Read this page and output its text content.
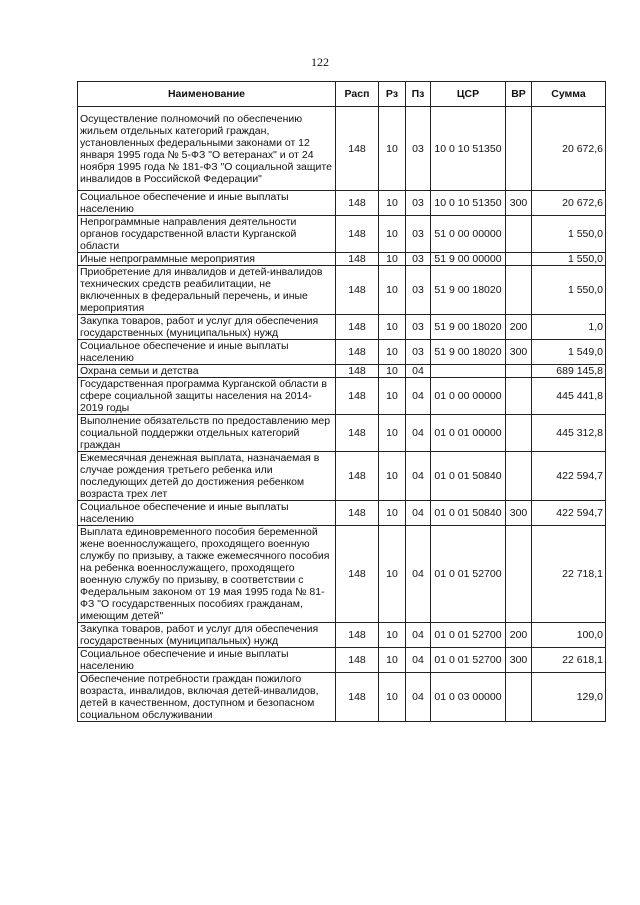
122
Наименование	Расп	Рз	Пз	ЦСР	ВР	Сумма
Осуществление полномочий по обеспечению жильем отдельных категорий граждан, установленных федеральными законами от 12 января 1995 года № 5-ФЗ "О ветеранах" и от 24 ноября 1995 года № 181-ФЗ "О социальной защите инвалидов в Российской Федерации"	148	10	03	10 0 10 51350		20 672,6
Социальное обеспечение и иные выплаты населению	148	10	03	10 0 10 51350	300	20 672,6
Непрограммные направления деятельности органов государственной власти Курганской области	148	10	03	51 0 00 00000		1 550,0
Иные непрограммные мероприятия	148	10	03	51 9 00 00000		1 550,0
Приобретение для инвалидов и детей-инвалидов технических средств реабилитации, не включенных в федеральный перечень, и иные мероприятия	148	10	03	51 9 00 18020		1 550,0
Закупка товаров, работ и услуг для обеспечения государственных (муниципальных) нужд	148	10	03	51 9 00 18020	200	1,0
Социальное обеспечение и иные выплаты населению	148	10	03	51 9 00 18020	300	1 549,0
Охрана семьи и детства	148	10	04			689 145,8
Государственная программа Курганской области в сфере социальной защиты населения на 2014-2019 годы	148	10	04	01 0 00 00000		445 441,8
Выполнение обязательств по предоставлению мер социальной поддержки отдельных категорий граждан	148	10	04	01 0 01 00000		445 312,8
Ежемесячная денежная выплата, назначаемая в случае рождения третьего ребенка или последующих детей до достижения ребенком возраста трех лет	148	10	04	01 0 01 50840		422 594,7
Социальное обеспечение и иные выплаты населению	148	10	04	01 0 01 50840	300	422 594,7
Выплата единовременного пособия беременной жене военнослужащего, проходящего военную службу по призыву, а также ежемесячного пособия на ребенка военнослужащего, проходящего военную службу по призыву, в соответствии с Федеральным законом от 19 мая 1995 года № 81-ФЗ "О государственных пособиях гражданам, имеющим детей"	148	10	04	01 0 01 52700		22 718,1
Закупка товаров, работ и услуг для обеспечения государственных (муниципальных) нужд	148	10	04	01 0 01 52700	200	100,0
Социальное обеспечение и иные выплаты населению	148	10	04	01 0 01 52700	300	22 618,1
Обеспечение потребности граждан пожилого возраста, инвалидов, включая детей-инвалидов, детей в качественном, доступном и безопасном социальном обслуживании	148	10	04	01 0 03 00000		129,0
